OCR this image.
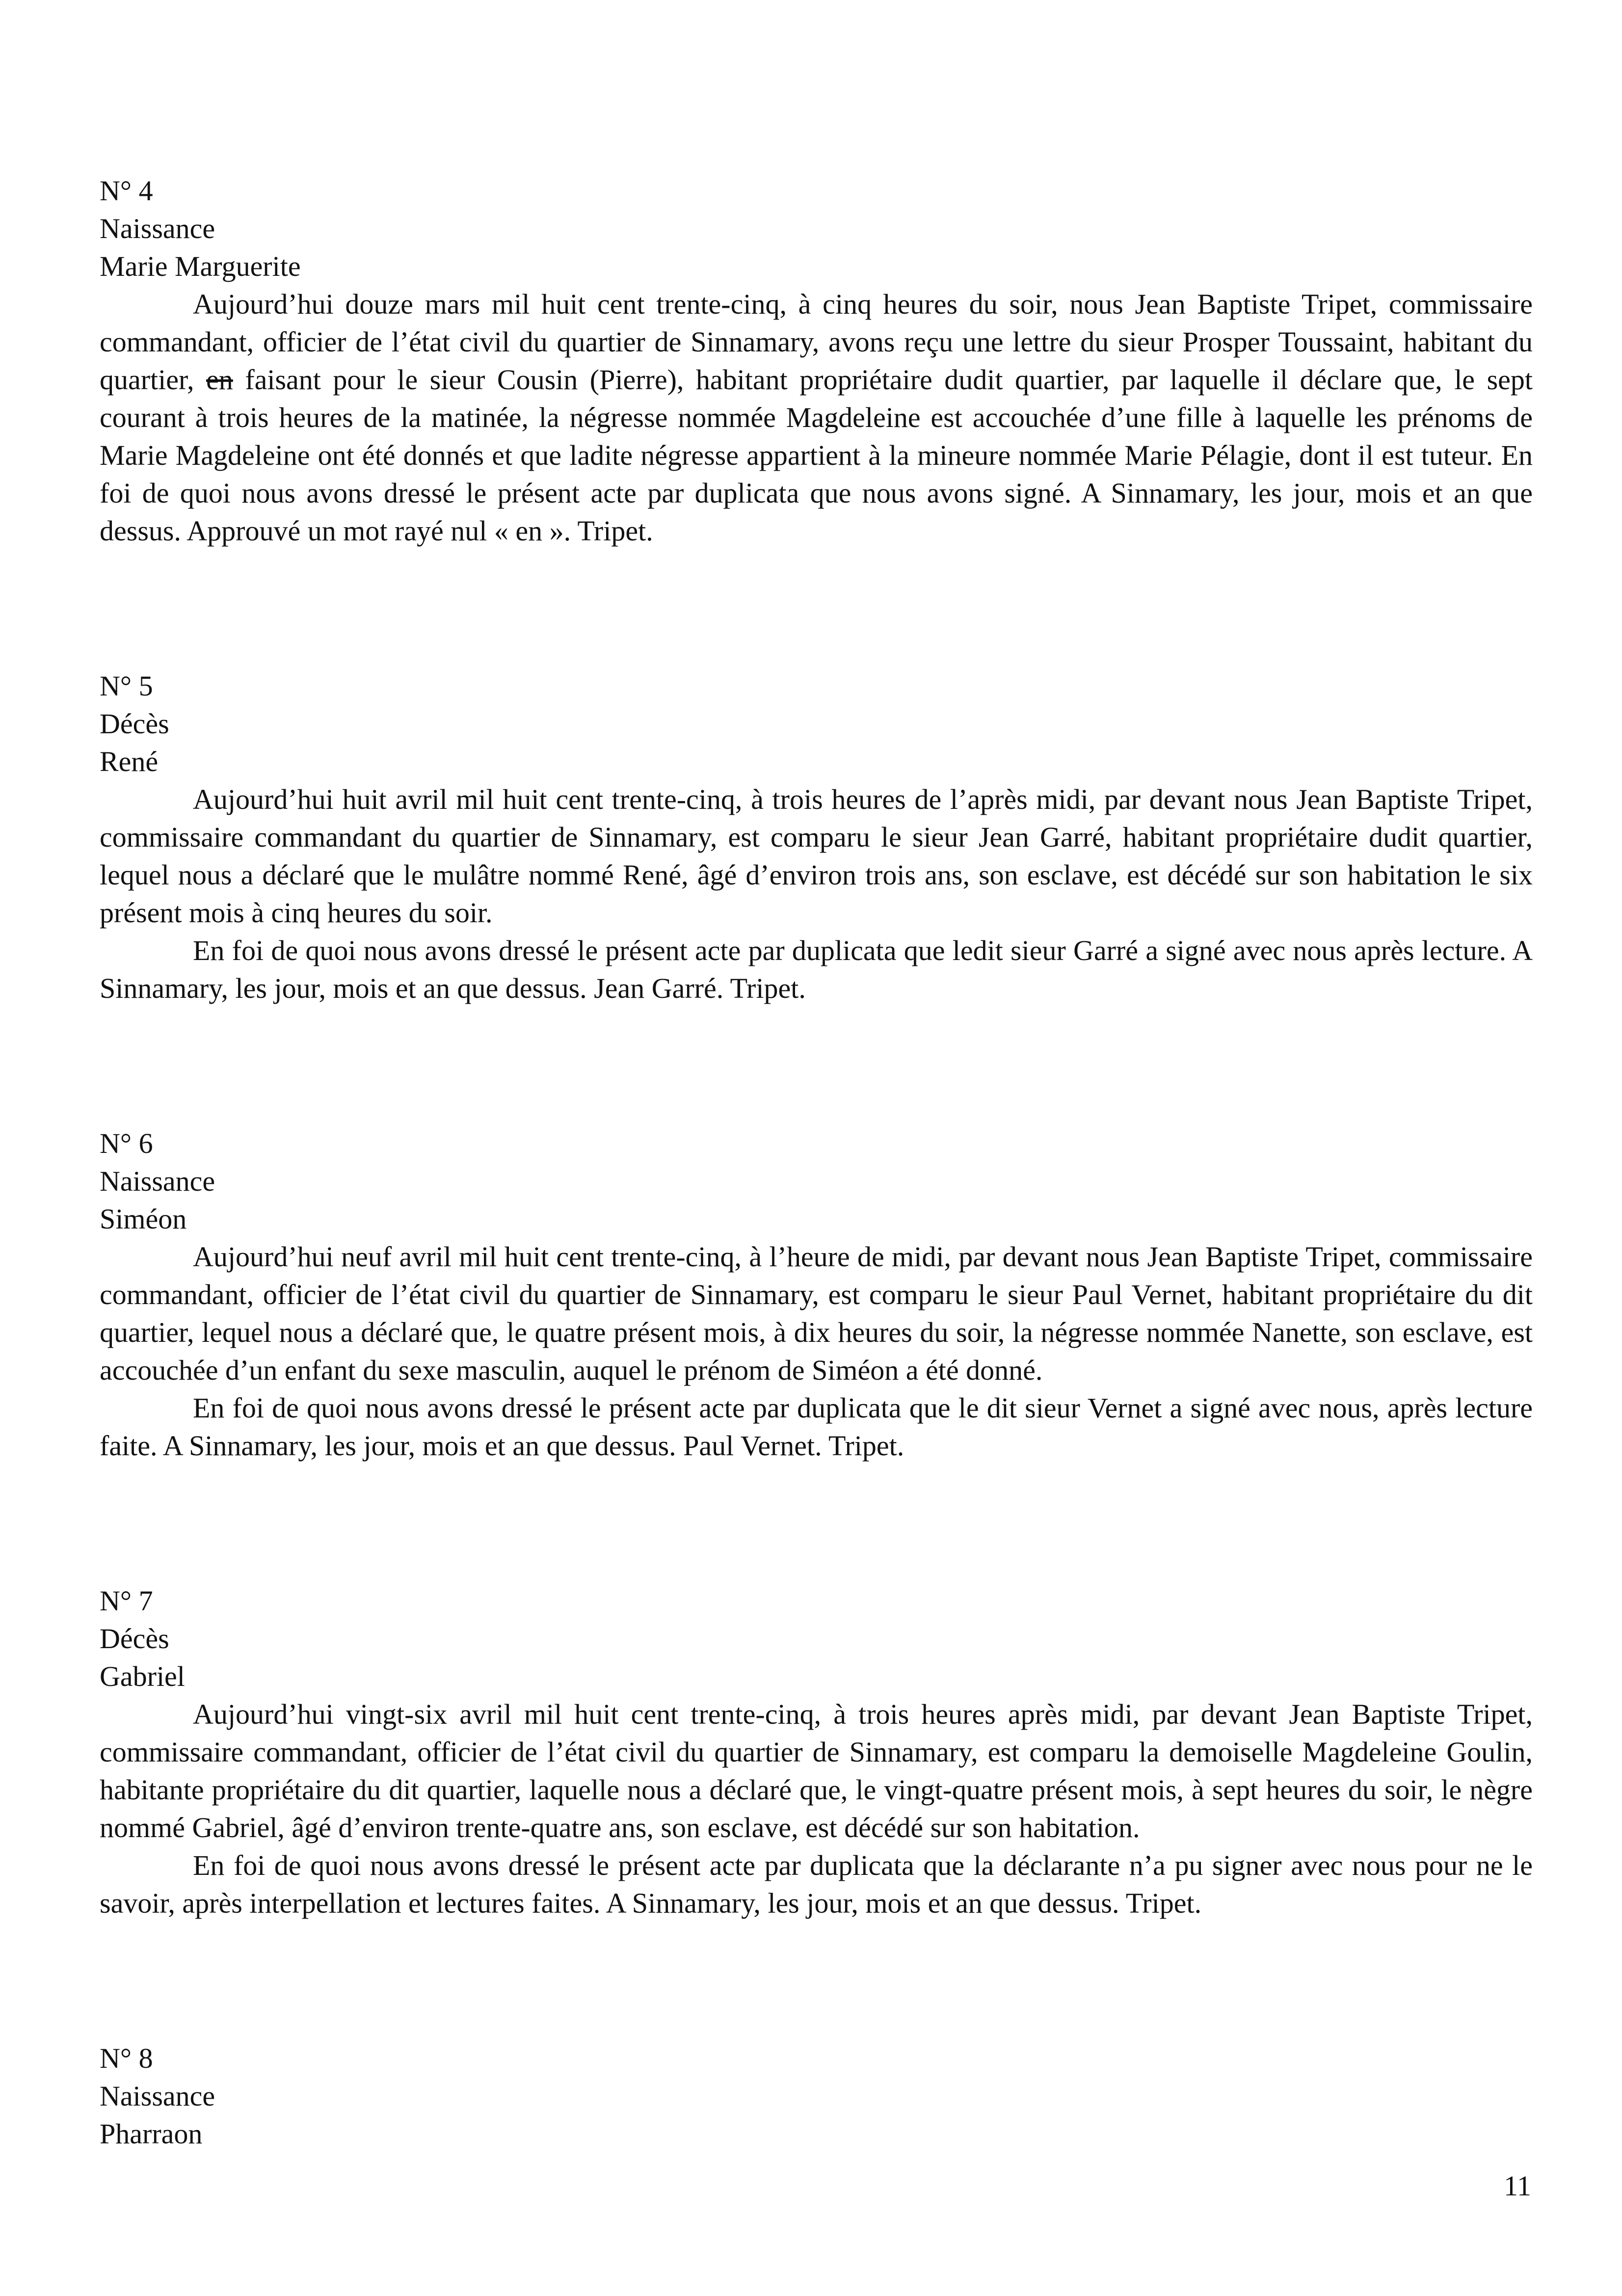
N° 4
Naissance
Marie Marguerite

Aujourd’hui douze mars mil huit cent trente-cinq, à cinq heures du soir, nous Jean Baptiste Tripet, commissaire commandant, officier de l’état civil du quartier de Sinnamary, avons reçu une lettre du sieur Prosper Toussaint, habitant du quartier, en faisant pour le sieur Cousin (Pierre), habitant propriétaire dudit quartier, par laquelle il déclare que, le sept courant à trois heures de la matinée, la négresse nommée Magdeleine est accouchée d’une fille à laquelle les prénoms de Marie Magdeleine ont été donnés et que ladite négresse appartient à la mineure nommée Marie Pélagie, dont il est tuteur. En foi de quoi nous avons dressé le présent acte par duplicata que nous avons signé. A Sinnamary, les jour, mois et an que dessus. Approuvé un mot rayé nul « en ». Tripet.

N° 5
Décès
René

Aujourd’hui huit avril mil huit cent trente-cinq, à trois heures de l’après midi, par devant nous Jean Baptiste Tripet, commissaire commandant du quartier de Sinnamary, est comparu le sieur Jean Garré, habitant propriétaire dudit quartier, lequel nous a déclaré que le mulâtre nommé René, âgé d’environ trois ans, son esclave, est décédé sur son habitation le six présent mois à cinq heures du soir.

En foi de quoi nous avons dressé le présent acte par duplicata que ledit sieur Garré a signé avec nous après lecture. A Sinnamary, les jour, mois et an que dessus. Jean Garré. Tripet.

N° 6
Naissance
Siméon

Aujourd’hui neuf avril mil huit cent trente-cinq, à l’heure de midi, par devant nous Jean Baptiste Tripet, commissaire commandant, officier de l’état civil du quartier de Sinnamary, est comparu le sieur Paul Vernet, habitant propriétaire du dit quartier, lequel nous a déclaré que, le quatre présent mois, à dix heures du soir, la négresse nommée Nanette, son esclave, est accouchée d’un enfant du sexe masculin, auquel le prénom de Siméon a été donné.

En foi de quoi nous avons dressé le présent acte par duplicata que le dit sieur Vernet a signé avec nous, après lecture faite. A Sinnamary, les jour, mois et an que dessus. Paul Vernet. Tripet.

N° 7
Décès
Gabriel

Aujourd’hui vingt-six avril mil huit cent trente-cinq, à trois heures après midi, par devant Jean Baptiste Tripet, commissaire commandant, officier de l’état civil du quartier de Sinnamary, est comparu la demoiselle Magdeleine Goulin, habitante propriétaire du dit quartier, laquelle nous a déclaré que, le vingt-quatre présent mois, à sept heures du soir, le nègre nommé Gabriel, âgé d’environ trente-quatre ans, son esclave, est décédé sur son habitation.

En foi de quoi nous avons dressé le présent acte par duplicata que la déclarante n’a pu signer avec nous pour ne le savoir, après interpellation et lectures faites. A Sinnamary, les jour, mois et an que dessus. Tripet.

N° 8
Naissance
Pharraon
11
